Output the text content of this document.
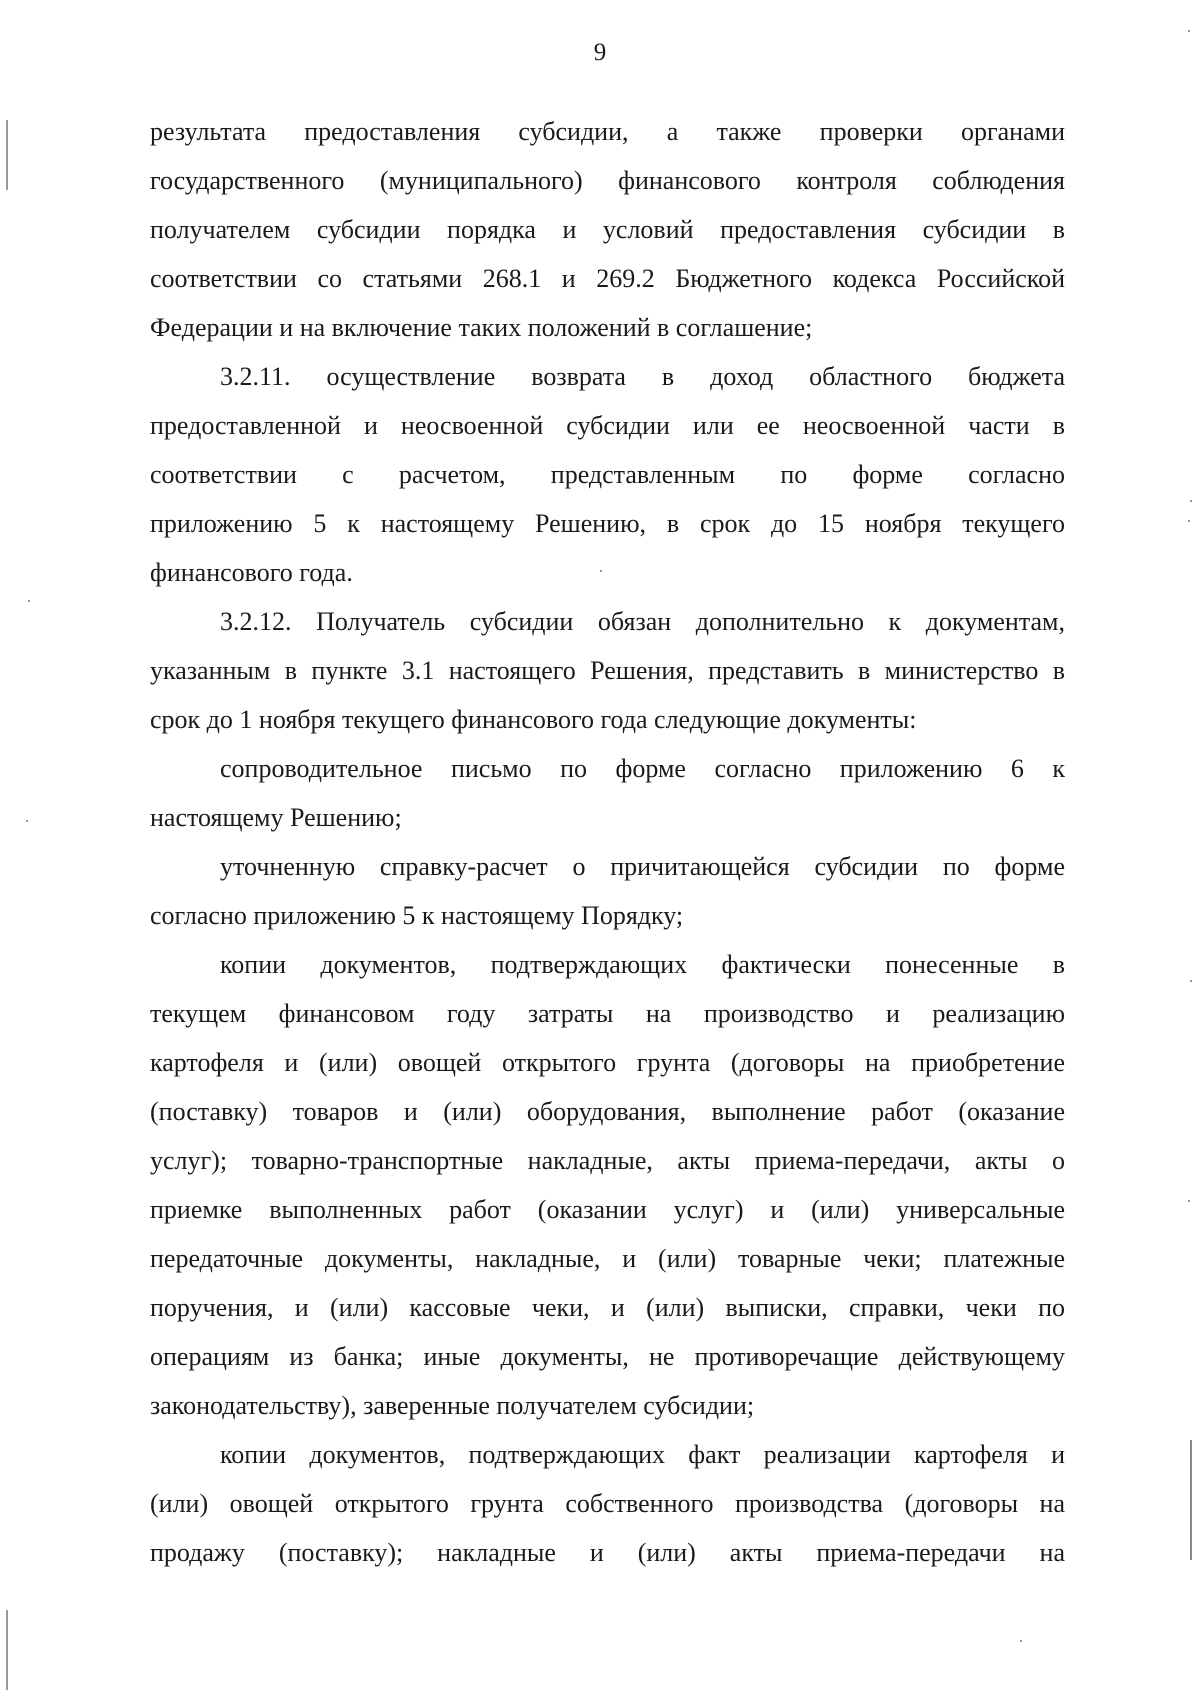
9
результата предоставления субсидии, а также проверки органами
государственного (муниципального) финансового контроля соблюдения
получателем субсидии порядка и условий предоставления субсидии в
соответствии со статьями 268.1 и 269.2 Бюджетного кодекса Российской
Федерации и на включение таких положений в соглашение;
3.2.11. осуществление возврата в доход областного бюджета
предоставленной и неосвоенной субсидии или ее неосвоенной части в
соответствии с расчетом, представленным по форме согласно
приложению 5 к настоящему Решению, в срок до 15 ноября текущего
финансового года.
3.2.12. Получатель субсидии обязан дополнительно к документам,
указанным в пункте 3.1 настоящего Решения, представить в министерство в
срок до 1 ноября текущего финансового года следующие документы:
сопроводительное письмо по форме согласно приложению 6 к
настоящему Решению;
уточненную справку-расчет о причитающейся субсидии по форме
согласно приложению 5 к настоящему Порядку;
копии документов, подтверждающих фактически понесенные в
текущем финансовом году затраты на производство и реализацию
картофеля и (или) овощей открытого грунта (договоры на приобретение
(поставку) товаров и (или) оборудования, выполнение работ (оказание
услуг); товарно-транспортные накладные, акты приема-передачи, акты о
приемке выполненных работ (оказании услуг) и (или) универсальные
передаточные документы, накладные, и (или) товарные чеки; платежные
поручения, и (или) кассовые чеки, и (или) выписки, справки, чеки по
операциям из банка; иные документы, не противоречащие действующему
законодательству), заверенные получателем субсидии;
копии документов, подтверждающих факт реализации картофеля и
(или) овощей открытого грунта собственного производства (договоры на
продажу (поставку); накладные и (или) акты приема-передачи на
